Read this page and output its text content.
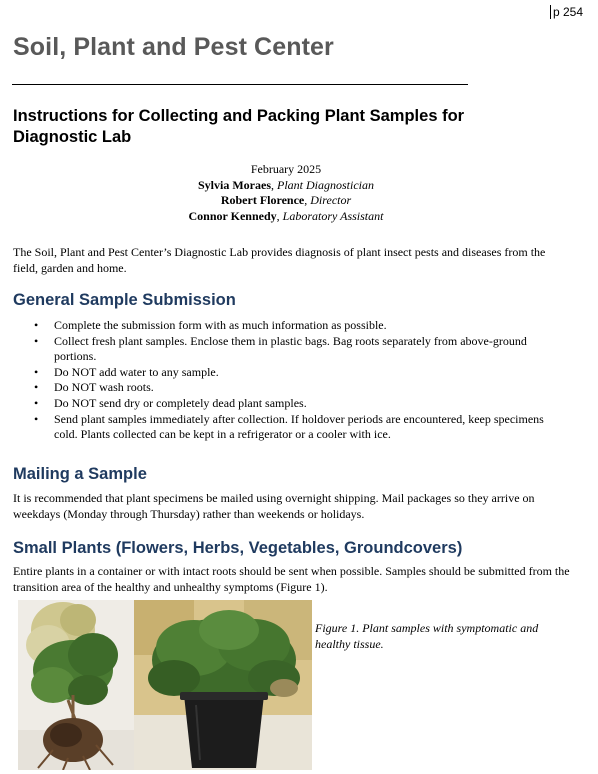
p 254
Soil, Plant and Pest Center
Instructions for Collecting and Packing Plant Samples for Diagnostic Lab
February 2025
Sylvia Moraes, Plant Diagnostician
Robert Florence, Director
Connor Kennedy, Laboratory Assistant

The Soil, Plant and Pest Center’s Diagnostic Lab provides diagnosis of plant insect pests and diseases from the field, garden and home.

General Sample Submission
• Complete the submission form with as much information as possible.
• Collect fresh plant samples. Enclose them in plastic bags. Bag roots separately from above-ground portions.
• Do NOT add water to any sample.
• Do NOT wash roots.
• Do NOT send dry or completely dead plant samples.
• Send plant samples immediately after collection. If holdover periods are encountered, keep specimens cold. Plants collected can be kept in a refrigerator or a cooler with ice.
Mailing a Sample

It is recommended that plant specimens be mailed using overnight shipping. Mail packages so they arrive on weekdays (Monday through Thursday) rather than weekends or holidays.

Small Plants (Flowers, Herbs, Vegetables, Groundcovers)

Entire plants in a container or with intact roots should be sent when possible. Samples should be submitted from the transition area of the healthy and unhealthy symptoms (Figure 1).

Figure 1. Plant samples with symptomatic and healthy tissue.
